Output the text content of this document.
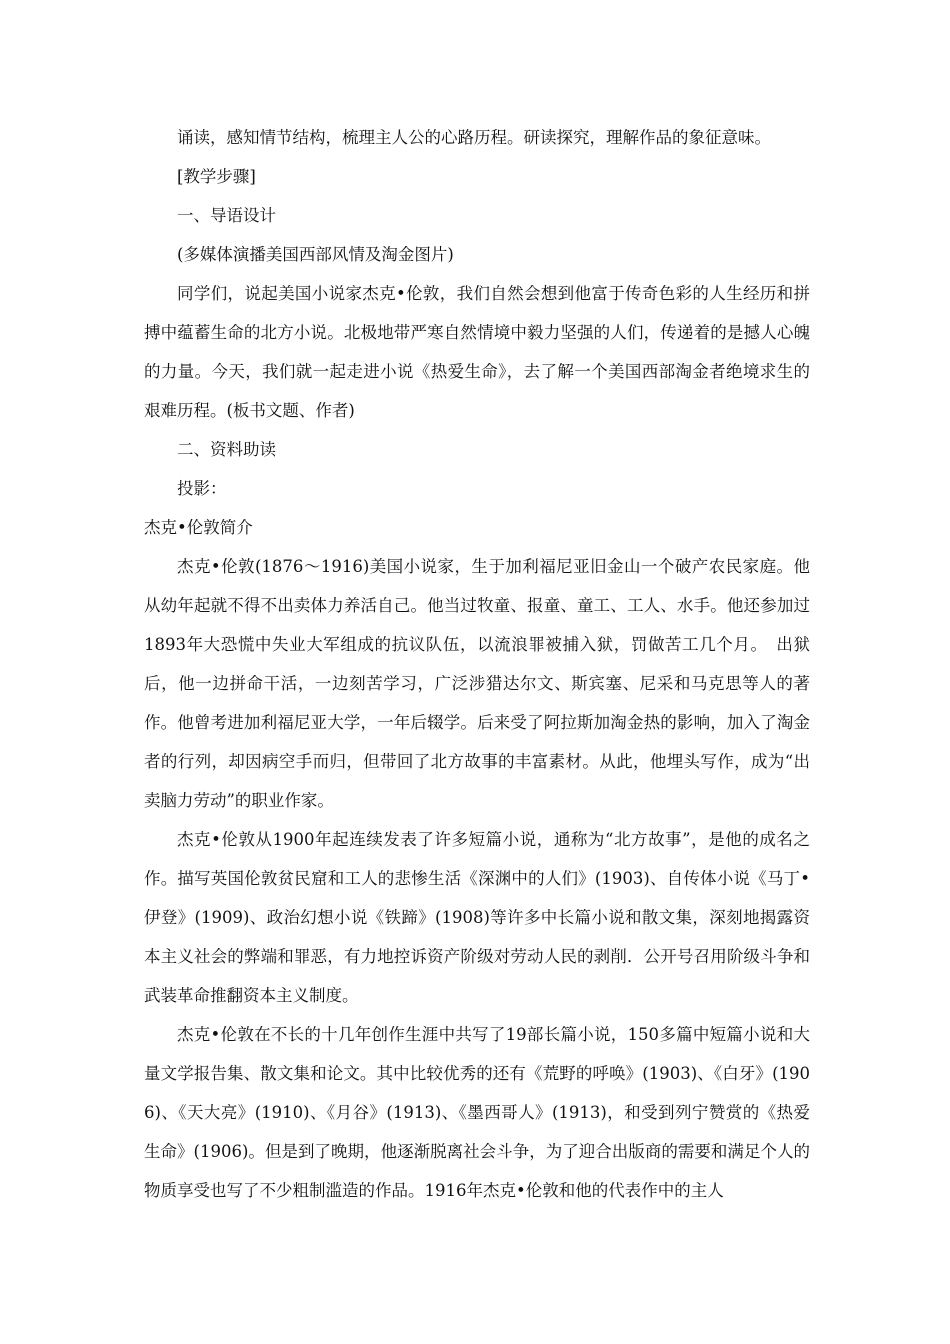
诵读，感知情节结构，梳理主人公的心路历程。研读探究，理解作品的象征意味。

[教学步骤]

一、导语设计

(多媒体演播美国西部风情及淘金图片)

同学们，说起美国小说家杰克•伦敦，我们自然会想到他富于传奇色彩的人生经历和拼搏中蕴蓄生命的北方小说。北极地带严寒自然情境中毅力坚强的人们，传递着的是撼人心魄的力量。今天，我们就一起走进小说《热爱生命》，去了解一个美国西部淘金者绝境求生的艰难历程。(板书文题、作者)

二、资料助读

投影：

杰克•伦敦简介

杰克•伦敦(1876～1916)美国小说家，生于加利福尼亚旧金山一个破产农民家庭。他从幼年起就不得不出卖体力养活自己。他当过牧童、报童、童工、工人、水手。他还参加过1893年大恐慌中失业大军组成的抗议队伍，以流浪罪被捕入狱，罚做苦工几个月。　出狱后，他一边拼命干活，一边刻苦学习，广泛涉猎达尔文、斯宾塞、尼采和马克思等人的著作。他曾考进加利福尼亚大学，一年后辍学。后来受了阿拉斯加淘金热的影响，加入了淘金者的行列，却因病空手而归，但带回了北方故事的丰富素材。从此，他埋头写作，成为“出卖脑力劳动”的职业作家。

杰克•伦敦从1900年起连续发表了许多短篇小说，通称为“北方故事”，是他的成名之作。描写英国伦敦贫民窟和工人的悲惨生活《深渊中的人们》(1903)、自传体小说《马丁•伊登》(1909)、政治幻想小说《铁蹄》(1908)等许多中长篇小说和散文集，深刻地揭露资本主义社会的弊端和罪恶，有力地控诉资产阶级对劳动人民的剥削．公开号召用阶级斗争和武装革命推翻资本主义制度。

杰克•伦敦在不长的十几年创作生涯中共写了19部长篇小说，150多篇中短篇小说和大量文学报告集、散文集和论文。其中比较优秀的还有《荒野的呼唤》(1903)、《白牙》(1906)、《天大亮》(1910)、《月谷》(1913)、《墨西哥人》(1913)，和受到列宁赞赏的《热爱生命》(1906)。但是到了晚期，他逐渐脱离社会斗争，为了迎合出版商的需要和满足个人的物质享受也写了不少粗制滥造的作品。1916年杰克•伦敦和他的代表作中的主人
